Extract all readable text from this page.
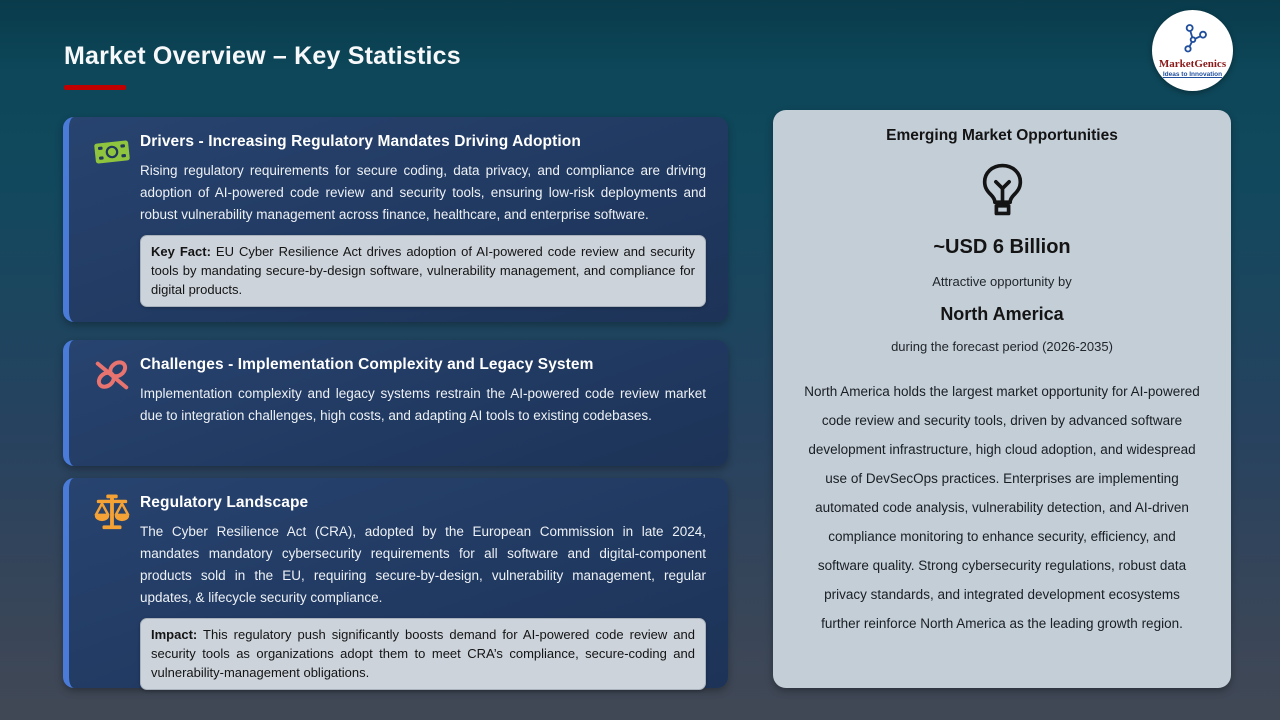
Market Overview – Key Statistics	MarketGenics
Ideas to Innovation
Drivers - Increasing Regulatory Mandates Driving Adoption
Rising regulatory requirements for secure coding, data privacy, and compliance are driving adoption of AI-powered code review and security tools, ensuring low-risk deployments and robust vulnerability management across finance, healthcare, and enterprise software.
Key Fact: EU Cyber Resilience Act drives adoption of AI-powered code review and security tools by mandating secure-by-design software, vulnerability management, and compliance for digital products.
Challenges - Implementation Complexity and Legacy System
Implementation complexity and legacy systems restrain the AI-powered code review market due to integration challenges, high costs, and adapting AI tools to existing codebases.
Regulatory Landscape
The Cyber Resilience Act (CRA), adopted by the European Commission in late 2024, mandates mandatory cybersecurity requirements for all software and digital-component products sold in the EU, requiring secure-by-design, vulnerability management, regular updates, & lifecycle security compliance.
Impact: This regulatory push significantly boosts demand for AI-powered code review and security tools as organizations adopt them to meet CRA’s compliance, secure-coding and vulnerability-management obligations.
Emerging Market Opportunities
~USD 6 Billion
Attractive opportunity by
North America
during the forecast period (2026-2035)
North America holds the largest market opportunity for AI-powered code review and security tools, driven by advanced software development infrastructure, high cloud adoption, and widespread use of DevSecOps practices. Enterprises are implementing automated code analysis, vulnerability detection, and AI-driven compliance monitoring to enhance security, efficiency, and software quality. Strong cybersecurity regulations, robust data privacy standards, and integrated development ecosystems further reinforce North America as the leading growth region.
